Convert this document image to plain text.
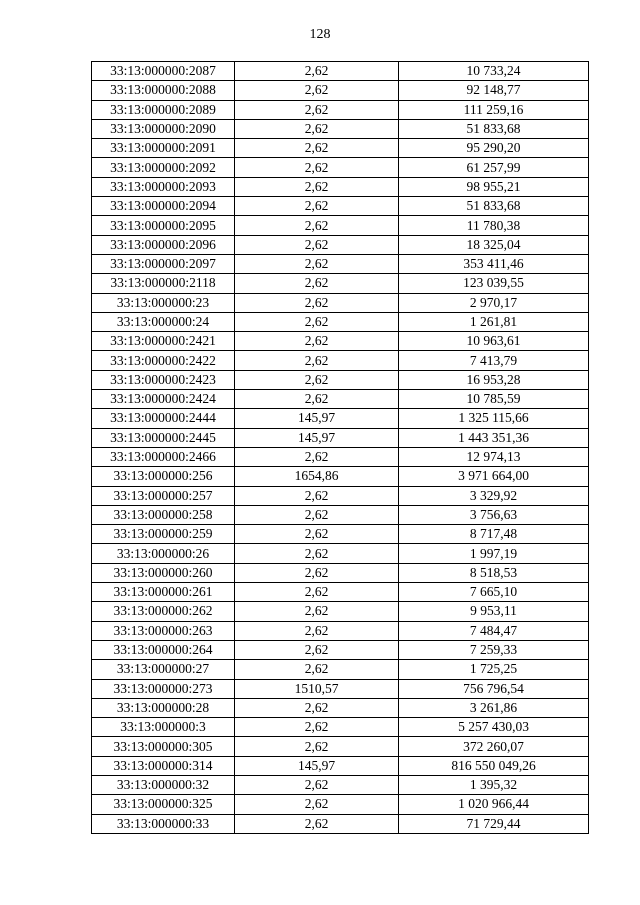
128
33:13:000000:2087	2,62	10 733,24
33:13:000000:2088	2,62	92 148,77
33:13:000000:2089	2,62	111 259,16
33:13:000000:2090	2,62	51 833,68
33:13:000000:2091	2,62	95 290,20
33:13:000000:2092	2,62	61 257,99
33:13:000000:2093	2,62	98 955,21
33:13:000000:2094	2,62	51 833,68
33:13:000000:2095	2,62	11 780,38
33:13:000000:2096	2,62	18 325,04
33:13:000000:2097	2,62	353 411,46
33:13:000000:2118	2,62	123 039,55
33:13:000000:23	2,62	2 970,17
33:13:000000:24	2,62	1 261,81
33:13:000000:2421	2,62	10 963,61
33:13:000000:2422	2,62	7 413,79
33:13:000000:2423	2,62	16 953,28
33:13:000000:2424	2,62	10 785,59
33:13:000000:2444	145,97	1 325 115,66
33:13:000000:2445	145,97	1 443 351,36
33:13:000000:2466	2,62	12 974,13
33:13:000000:256	1654,86	3 971 664,00
33:13:000000:257	2,62	3 329,92
33:13:000000:258	2,62	3 756,63
33:13:000000:259	2,62	8 717,48
33:13:000000:26	2,62	1 997,19
33:13:000000:260	2,62	8 518,53
33:13:000000:261	2,62	7 665,10
33:13:000000:262	2,62	9 953,11
33:13:000000:263	2,62	7 484,47
33:13:000000:264	2,62	7 259,33
33:13:000000:27	2,62	1 725,25
33:13:000000:273	1510,57	756 796,54
33:13:000000:28	2,62	3 261,86
33:13:000000:3	2,62	5 257 430,03
33:13:000000:305	2,62	372 260,07
33:13:000000:314	145,97	816 550 049,26
33:13:000000:32	2,62	1 395,32
33:13:000000:325	2,62	1 020 966,44
33:13:000000:33	2,62	71 729,44
